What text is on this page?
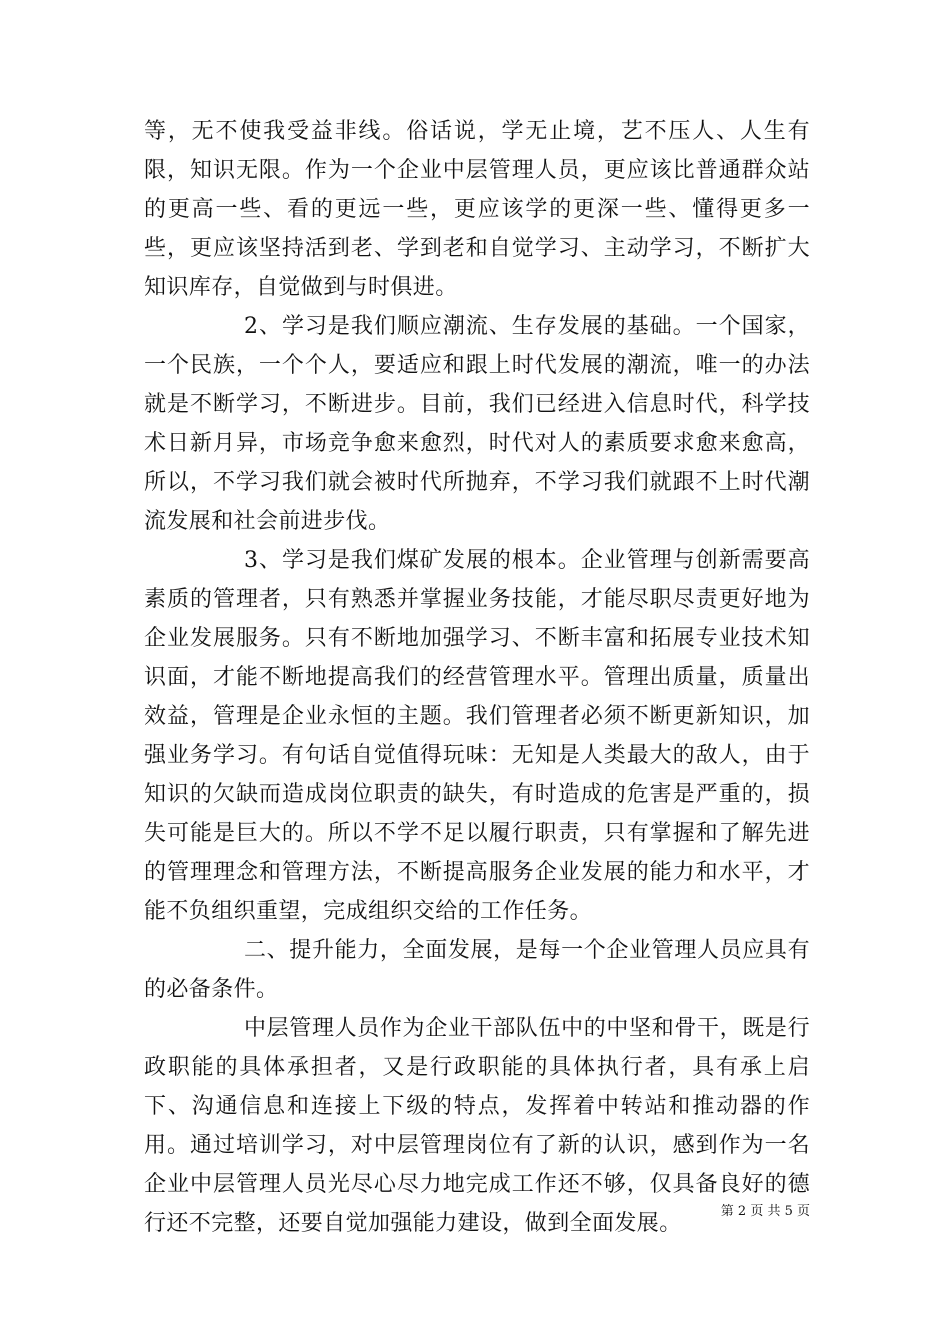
等，无不使我受益非线。俗话说，学无止境，艺不压人、人生有限，知识无限。作为一个企业中层管理人员，更应该比普通群众站的更高一些、看的更远一些，更应该学的更深一些、懂得更多一些，更应该坚持活到老、学到老和自觉学习、主动学习，不断扩大知识库存，自觉做到与时俱进。

2、学习是我们顺应潮流、生存发展的基础。一个国家，一个民族，一个个人，要适应和跟上时代发展的潮流，唯一的办法就是不断学习，不断进步。目前，我们已经进入信息时代，科学技术日新月异，市场竞争愈来愈烈，时代对人的素质要求愈来愈高，所以，不学习我们就会被时代所抛弃，不学习我们就跟不上时代潮流发展和社会前进步伐。

3、学习是我们煤矿发展的根本。企业管理与创新需要高素质的管理者，只有熟悉并掌握业务技能，才能尽职尽责更好地为企业发展服务。只有不断地加强学习、不断丰富和拓展专业技术知识面，才能不断地提高我们的经营管理水平。管理出质量，质量出效益，管理是企业永恒的主题。我们管理者必须不断更新知识，加强业务学习。有句话自觉值得玩味：无知是人类最大的敌人，由于知识的欠缺而造成岗位职责的缺失，有时造成的危害是严重的，损失可能是巨大的。所以不学不足以履行职责，只有掌握和了解先进的管理理念和管理方法，不断提高服务企业发展的能力和水平，才能不负组织重望，完成组织交给的工作任务。

二、提升能力，全面发展，是每一个企业管理人员应具有的必备条件。

中层管理人员作为企业干部队伍中的中坚和骨干，既是行政职能的具体承担者，又是行政职能的具体执行者，具有承上启下、沟通信息和连接上下级的特点，发挥着中转站和推动器的作用。通过培训学习，对中层管理岗位有了新的认识，感到作为一名企业中层管理人员光尽心尽力地完成工作还不够，仅具备良好的德行还不完整，还要自觉加强能力建设，做到全面发展。	第 2 页 共 5 页
